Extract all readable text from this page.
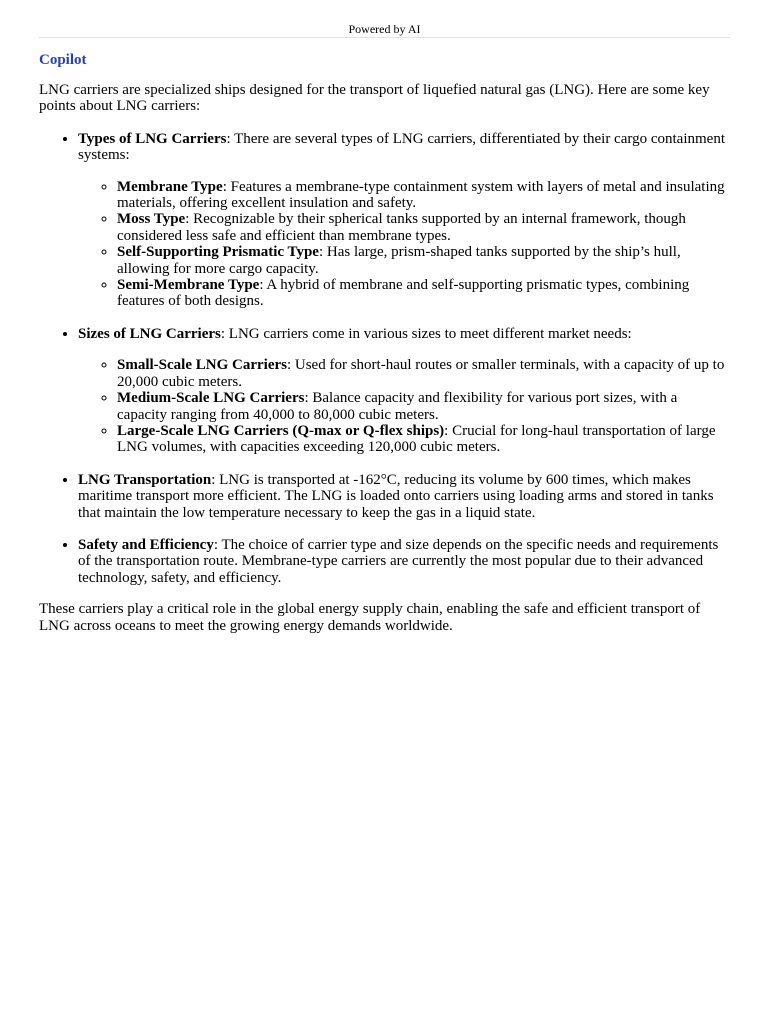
Powered by AI
Copilot

LNG carriers are specialized ships designed for the transport of liquefied natural gas (LNG). Here are some key points about LNG carriers:

• Types of LNG Carriers: There are several types of LNG carriers, differentiated by their cargo containment systems:
◦ Membrane Type: Features a membrane-type containment system with layers of metal and insulating materials, offering excellent insulation and safety.
◦ Moss Type: Recognizable by their spherical tanks supported by an internal framework, though considered less safe and efficient than membrane types.
◦ Self-Supporting Prismatic Type: Has large, prism-shaped tanks supported by the ship’s hull, allowing for more cargo capacity.
◦ Semi-Membrane Type: A hybrid of membrane and self-supporting prismatic types, combining features of both designs.
• Sizes of LNG Carriers: LNG carriers come in various sizes to meet different market needs:
◦ Small-Scale LNG Carriers: Used for short-haul routes or smaller terminals, with a capacity of up to 20,000 cubic meters.
◦ Medium-Scale LNG Carriers: Balance capacity and flexibility for various port sizes, with a capacity ranging from 40,000 to 80,000 cubic meters.
◦ Large-Scale LNG Carriers (Q-max or Q-flex ships): Crucial for long-haul transportation of large LNG volumes, with capacities exceeding 120,000 cubic meters.
• LNG Transportation: LNG is transported at -162°C, reducing its volume by 600 times, which makes maritime transport more efficient. The LNG is loaded onto carriers using loading arms and stored in tanks that maintain the low temperature necessary to keep the gas in a liquid state.
• Safety and Efficiency: The choice of carrier type and size depends on the specific needs and requirements of the transportation route. Membrane-type carriers are currently the most popular due to their advanced technology, safety, and efficiency.

These carriers play a critical role in the global energy supply chain, enabling the safe and efficient transport of LNG across oceans to meet the growing energy demands worldwide.
